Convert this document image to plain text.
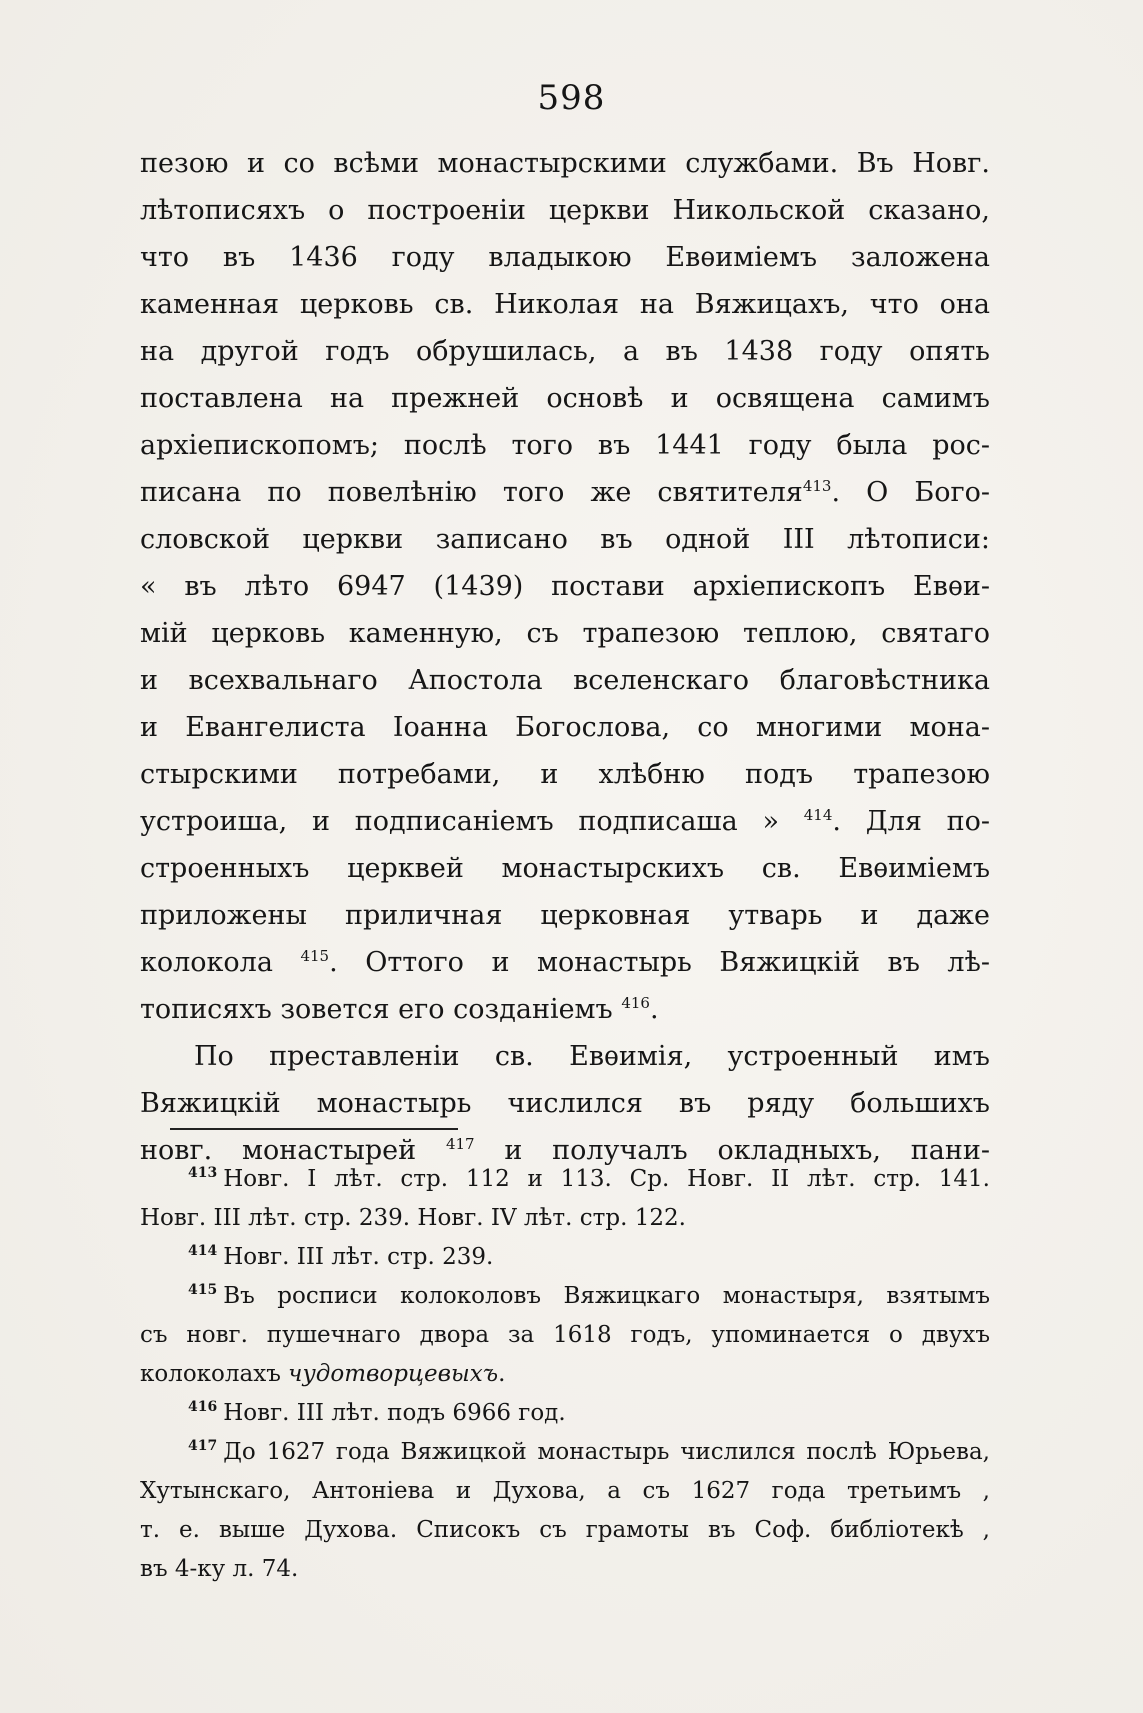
598
пезою и со всѣми монастырскими службами. Въ Новг.
лѣтописяхъ о построеніи церкви Никольской сказано,
что въ 1436 году владыкою Евѳиміемъ заложена
каменная церковь св. Николая на Вяжицахъ, что она
на другой годъ обрушилась, а въ 1438 году опять
поставлена на прежней основѣ и освящена самимъ
архіепископомъ; послѣ того въ 1441 году была рос-
писана по повелѣнію того же святителя$^{413}$. О Бого-
словской церкви записано въ одной III лѣтописи:
« въ лѣто 6947 (1439) постави архіепископъ Евѳи-
мій церковь каменную, съ трапезою теплою, святаго
и всехвальнаго Апостола вселенскаго благовѣстника
и Евангелиста Іоанна Богослова, со многими мона-
стырскими потребами, и хлѣбню подъ трапезою
устроиша, и подписаніемъ подписаша » $^{414}$. Для по-
строенныхъ церквей монастырскихъ св. Евѳиміемъ
приложены приличная церковная утварь и даже
колокола $^{415}$. Оттого и монастырь Вяжицкій въ лѣ-
тописяхъ зовется его созданіемъ $^{416}$.
По преставленіи св. Евѳимія, устроенный имъ
Вяжицкій монастырь числился въ ряду большихъ
новг. монастырей $^{417}$ и получалъ окладныхъ, пани-
$^{413}$ Новг. I лѣт. стр. 112 и 113. Ср. Новг. II лѣт. стр. 141.
Новг. III лѣт. стр. 239. Новг. IV лѣт. стр. 122.
$^{414}$ Новг. III лѣт. стр. 239.
$^{415}$ Въ росписи колоколовъ Вяжицкаго монастыря, взятымъ
съ новг. пушечнаго двора за 1618 годъ, упоминается о двухъ
колоколахъ чудотворцевыхъ.
$^{416}$ Новг. III лѣт. подъ 6966 год.
$^{417}$ До 1627 года Вяжицкой монастырь числился послѣ Юрьева,
Хутынскаго, Антоніева и Духова, а съ 1627 года третьимъ ,
т. е. выше Духова. Списокъ съ грамоты въ Соф. библіотекѣ ,
въ 4-ку л. 74.
